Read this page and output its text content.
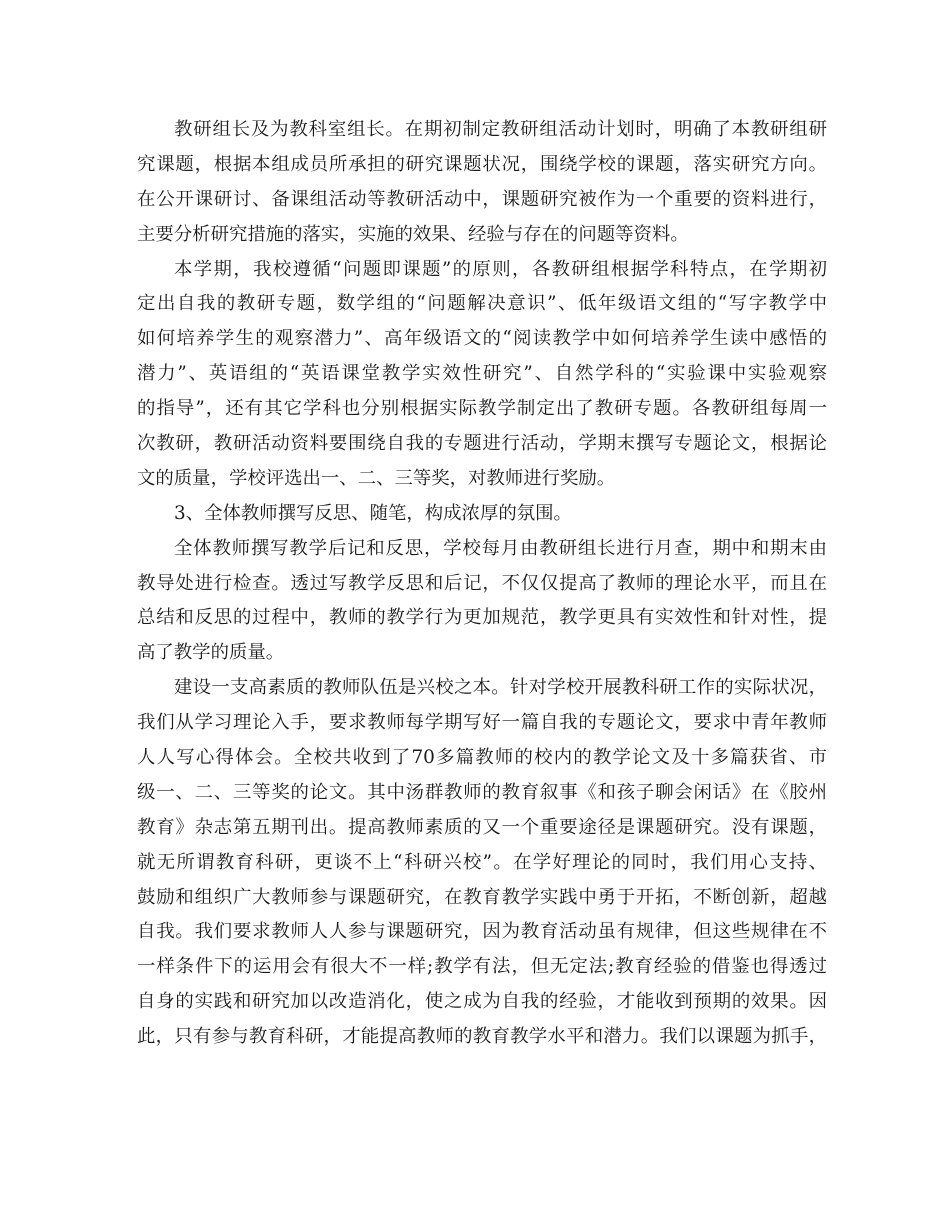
教研组长及为教科室组长。在期初制定教研组活动计划时，明确了本教研组研
究课题，根据本组成员所承担的研究课题状况，围绕学校的课题，落实研究方向。
在公开课研讨、备课组活动等教研活动中，课题研究被作为一个重要的资料进行，
主要分析研究措施的落实，实施的效果、经验与存在的问题等资料。
本学期，我校遵循“问题即课题”的原则，各教研组根据学科特点，在学期初
定出自我的教研专题，数学组的“问题解决意识”、低年级语文组的“写字教学中
如何培养学生的观察潜力”、高年级语文的“阅读教学中如何培养学生读中感悟的
潜力”、英语组的“英语课堂教学实效性研究”、自然学科的“实验课中实验观察
的指导”，还有其它学科也分别根据实际教学制定出了教研专题。各教研组每周一
次教研，教研活动资料要围绕自我的专题进行活动，学期末撰写专题论文，根据论
文的质量，学校评选出一、二、三等奖，对教师进行奖励。
3、全体教师撰写反思、随笔，构成浓厚的氛围。
全体教师撰写教学后记和反思，学校每月由教研组长进行月查，期中和期末由
教导处进行检查。透过写教学反思和后记，不仅仅提高了教师的理论水平，而且在
总结和反思的过程中，教师的教学行为更加规范，教学更具有实效性和针对性，提
高了教学的质量。
建设一支高素质的教师队伍是兴校之本。针对学校开展教科研工作的实际状况，
我们从学习理论入手，要求教师每学期写好一篇自我的专题论文，要求中青年教师
人人写心得体会。全校共收到了70多篇教师的校内的教学论文及十多篇获省、市
级一、二、三等奖的论文。其中汤群教师的教育叙事《和孩子聊会闲话》在《胶州
教育》杂志第五期刊出。提高教师素质的又一个重要途径是课题研究。没有课题，
就无所谓教育科研，更谈不上“科研兴校”。在学好理论的同时，我们用心支持、
鼓励和组织广大教师参与课题研究，在教育教学实践中勇于开拓，不断创新，超越
自我。我们要求教师人人参与课题研究，因为教育活动虽有规律，但这些规律在不
一样条件下的运用会有很大不一样;教学有法，但无定法;教育经验的借鉴也得透过
自身的实践和研究加以改造消化，使之成为自我的经验，才能收到预期的效果。因
此，只有参与教育科研，才能提高教师的教育教学水平和潜力。我们以课题为抓手，
